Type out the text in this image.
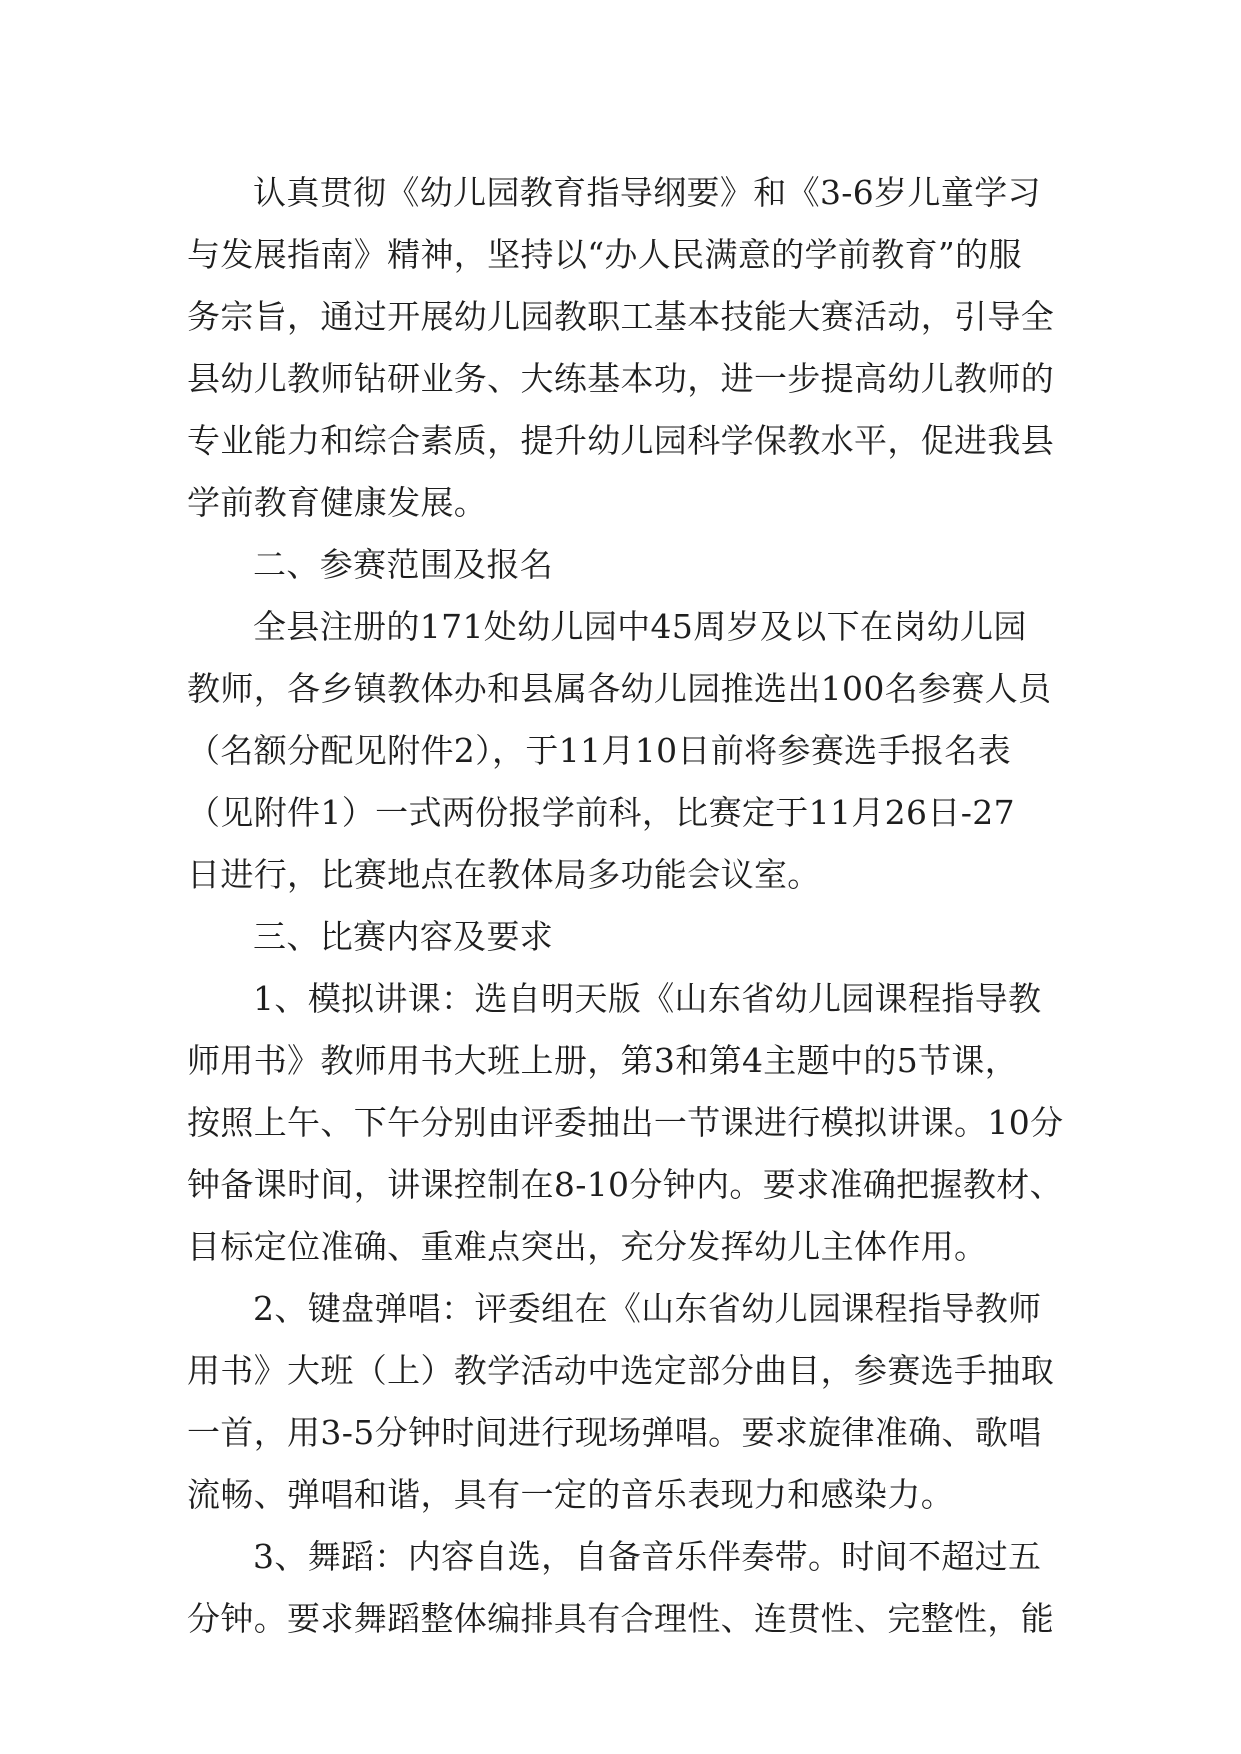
认真贯彻《幼儿园教育指导纲要》和《3-6岁儿童学习
与发展指南》精神，坚持以“办人民满意的学前教育”的服
务宗旨，通过开展幼儿园教职工基本技能大赛活动，引导全
县幼儿教师钻研业务、大练基本功，进一步提高幼儿教师的
专业能力和综合素质，提升幼儿园科学保教水平，促进我县
学前教育健康发展。
二、参赛范围及报名
全县注册的171处幼儿园中45周岁及以下在岗幼儿园
教师，各乡镇教体办和县属各幼儿园推选出100名参赛人员
（名额分配见附件2），于11月10日前将参赛选手报名表
（见附件1）一式两份报学前科，比赛定于11月26日-27
日进行，比赛地点在教体局多功能会议室。
三、比赛内容及要求
1、模拟讲课：选自明天版《山东省幼儿园课程指导教
师用书》教师用书大班上册，第3和第4主题中的5节课，
按照上午、下午分别由评委抽出一节课进行模拟讲课。10分
钟备课时间，讲课控制在8-10分钟内。要求准确把握教材、
目标定位准确、重难点突出，充分发挥幼儿主体作用。
2、键盘弹唱：评委组在《山东省幼儿园课程指导教师
用书》大班（上）教学活动中选定部分曲目，参赛选手抽取
一首，用3-5分钟时间进行现场弹唱。要求旋律准确、歌唱
流畅、弹唱和谐，具有一定的音乐表现力和感染力。
3、舞蹈：内容自选，自备音乐伴奏带。时间不超过五
分钟。要求舞蹈整体编排具有合理性、连贯性、完整性，能
